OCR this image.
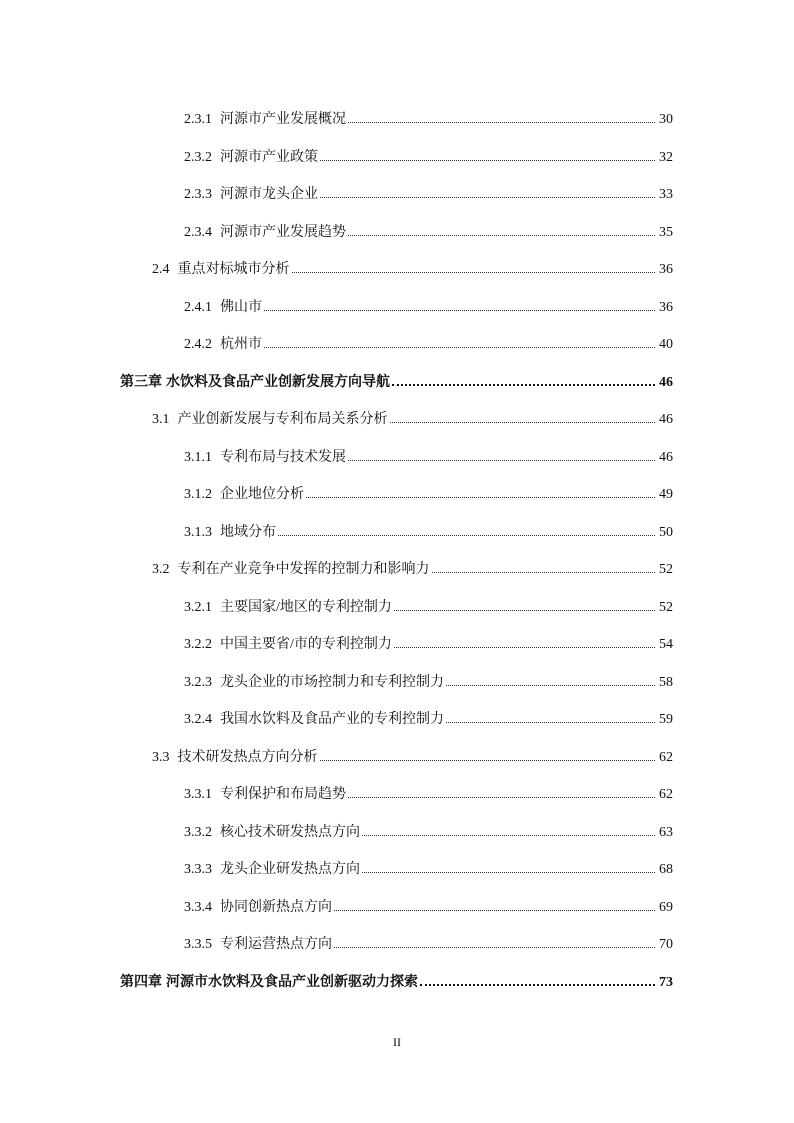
2.3.1 河源市产业发展概况	30
2.3.2 河源市产业政策	32
2.3.3 河源市龙头企业	33
2.3.4 河源市产业发展趋势	35
2.4 重点对标城市分析	36
2.4.1 佛山市	36
2.4.2 杭州市	40
第三章 水饮料及食品产业创新发展方向导航	46
3.1 产业创新发展与专利布局关系分析	46
3.1.1 专利布局与技术发展	46
3.1.2 企业地位分析	49
3.1.3 地域分布	50
3.2 专利在产业竞争中发挥的控制力和影响力	52
3.2.1 主要国家/地区的专利控制力	52
3.2.2 中国主要省/市的专利控制力	54
3.2.3 龙头企业的市场控制力和专利控制力	58
3.2.4 我国水饮料及食品产业的专利控制力	59
3.3 技术研发热点方向分析	62
3.3.1 专利保护和布局趋势	62
3.3.2 核心技术研发热点方向	63
3.3.3 龙头企业研发热点方向	68
3.3.4 协同创新热点方向	69
3.3.5 专利运营热点方向	70
第四章 河源市水饮料及食品产业创新驱动力探索	73
II
